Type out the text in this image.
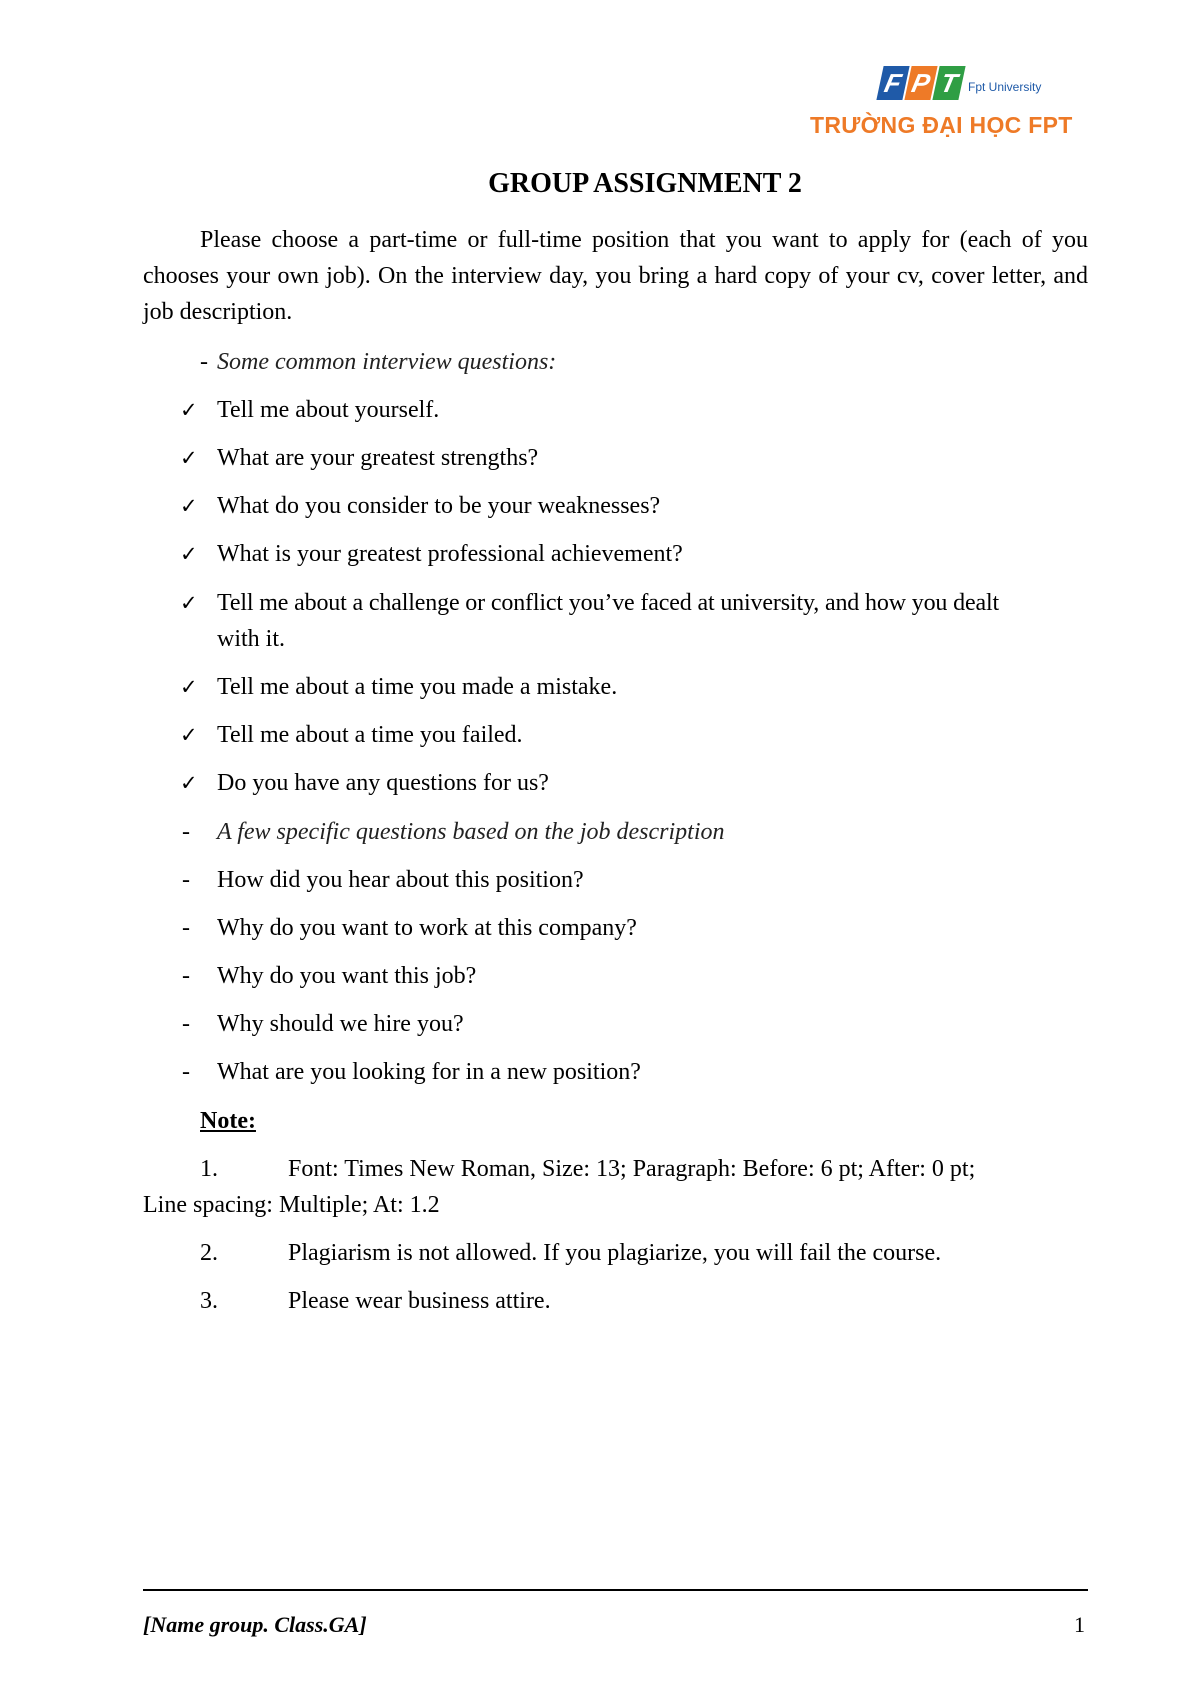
F P T Fpt University
TRƯỜNG ĐẠI HỌC FPT
GROUP ASSIGNMENT 2
Please choose a part-time or full-time position that you want to apply for (each of you chooses your own job). On the interview day, you bring a hard copy of your cv, cover letter, and job description.
- Some common interview questions:
✓ Tell me about yourself.
✓ What are your greatest strengths?
✓ What do you consider to be your weaknesses?
✓ What is your greatest professional achievement?
✓ Tell me about a challenge or conflict you’ve faced at university, and how you dealt
with it.
✓ Tell me about a time you made a mistake.
✓ Tell me about a time you failed.
✓ Do you have any questions for us?
- A few specific questions based on the job description
- How did you hear about this position?
- Why do you want to work at this company?
- Why do you want this job?
- Why should we hire you?
- What are you looking for in a new position?
Note:
1.	Font: Times New Roman, Size: 13; Paragraph: Before: 6 pt; After: 0 pt;
Line spacing: Multiple; At: 1.2
2.	Plagiarism is not allowed. If you plagiarize, you will fail the course.
3.	Please wear business attire.
[Name group. Class.GA]	1
